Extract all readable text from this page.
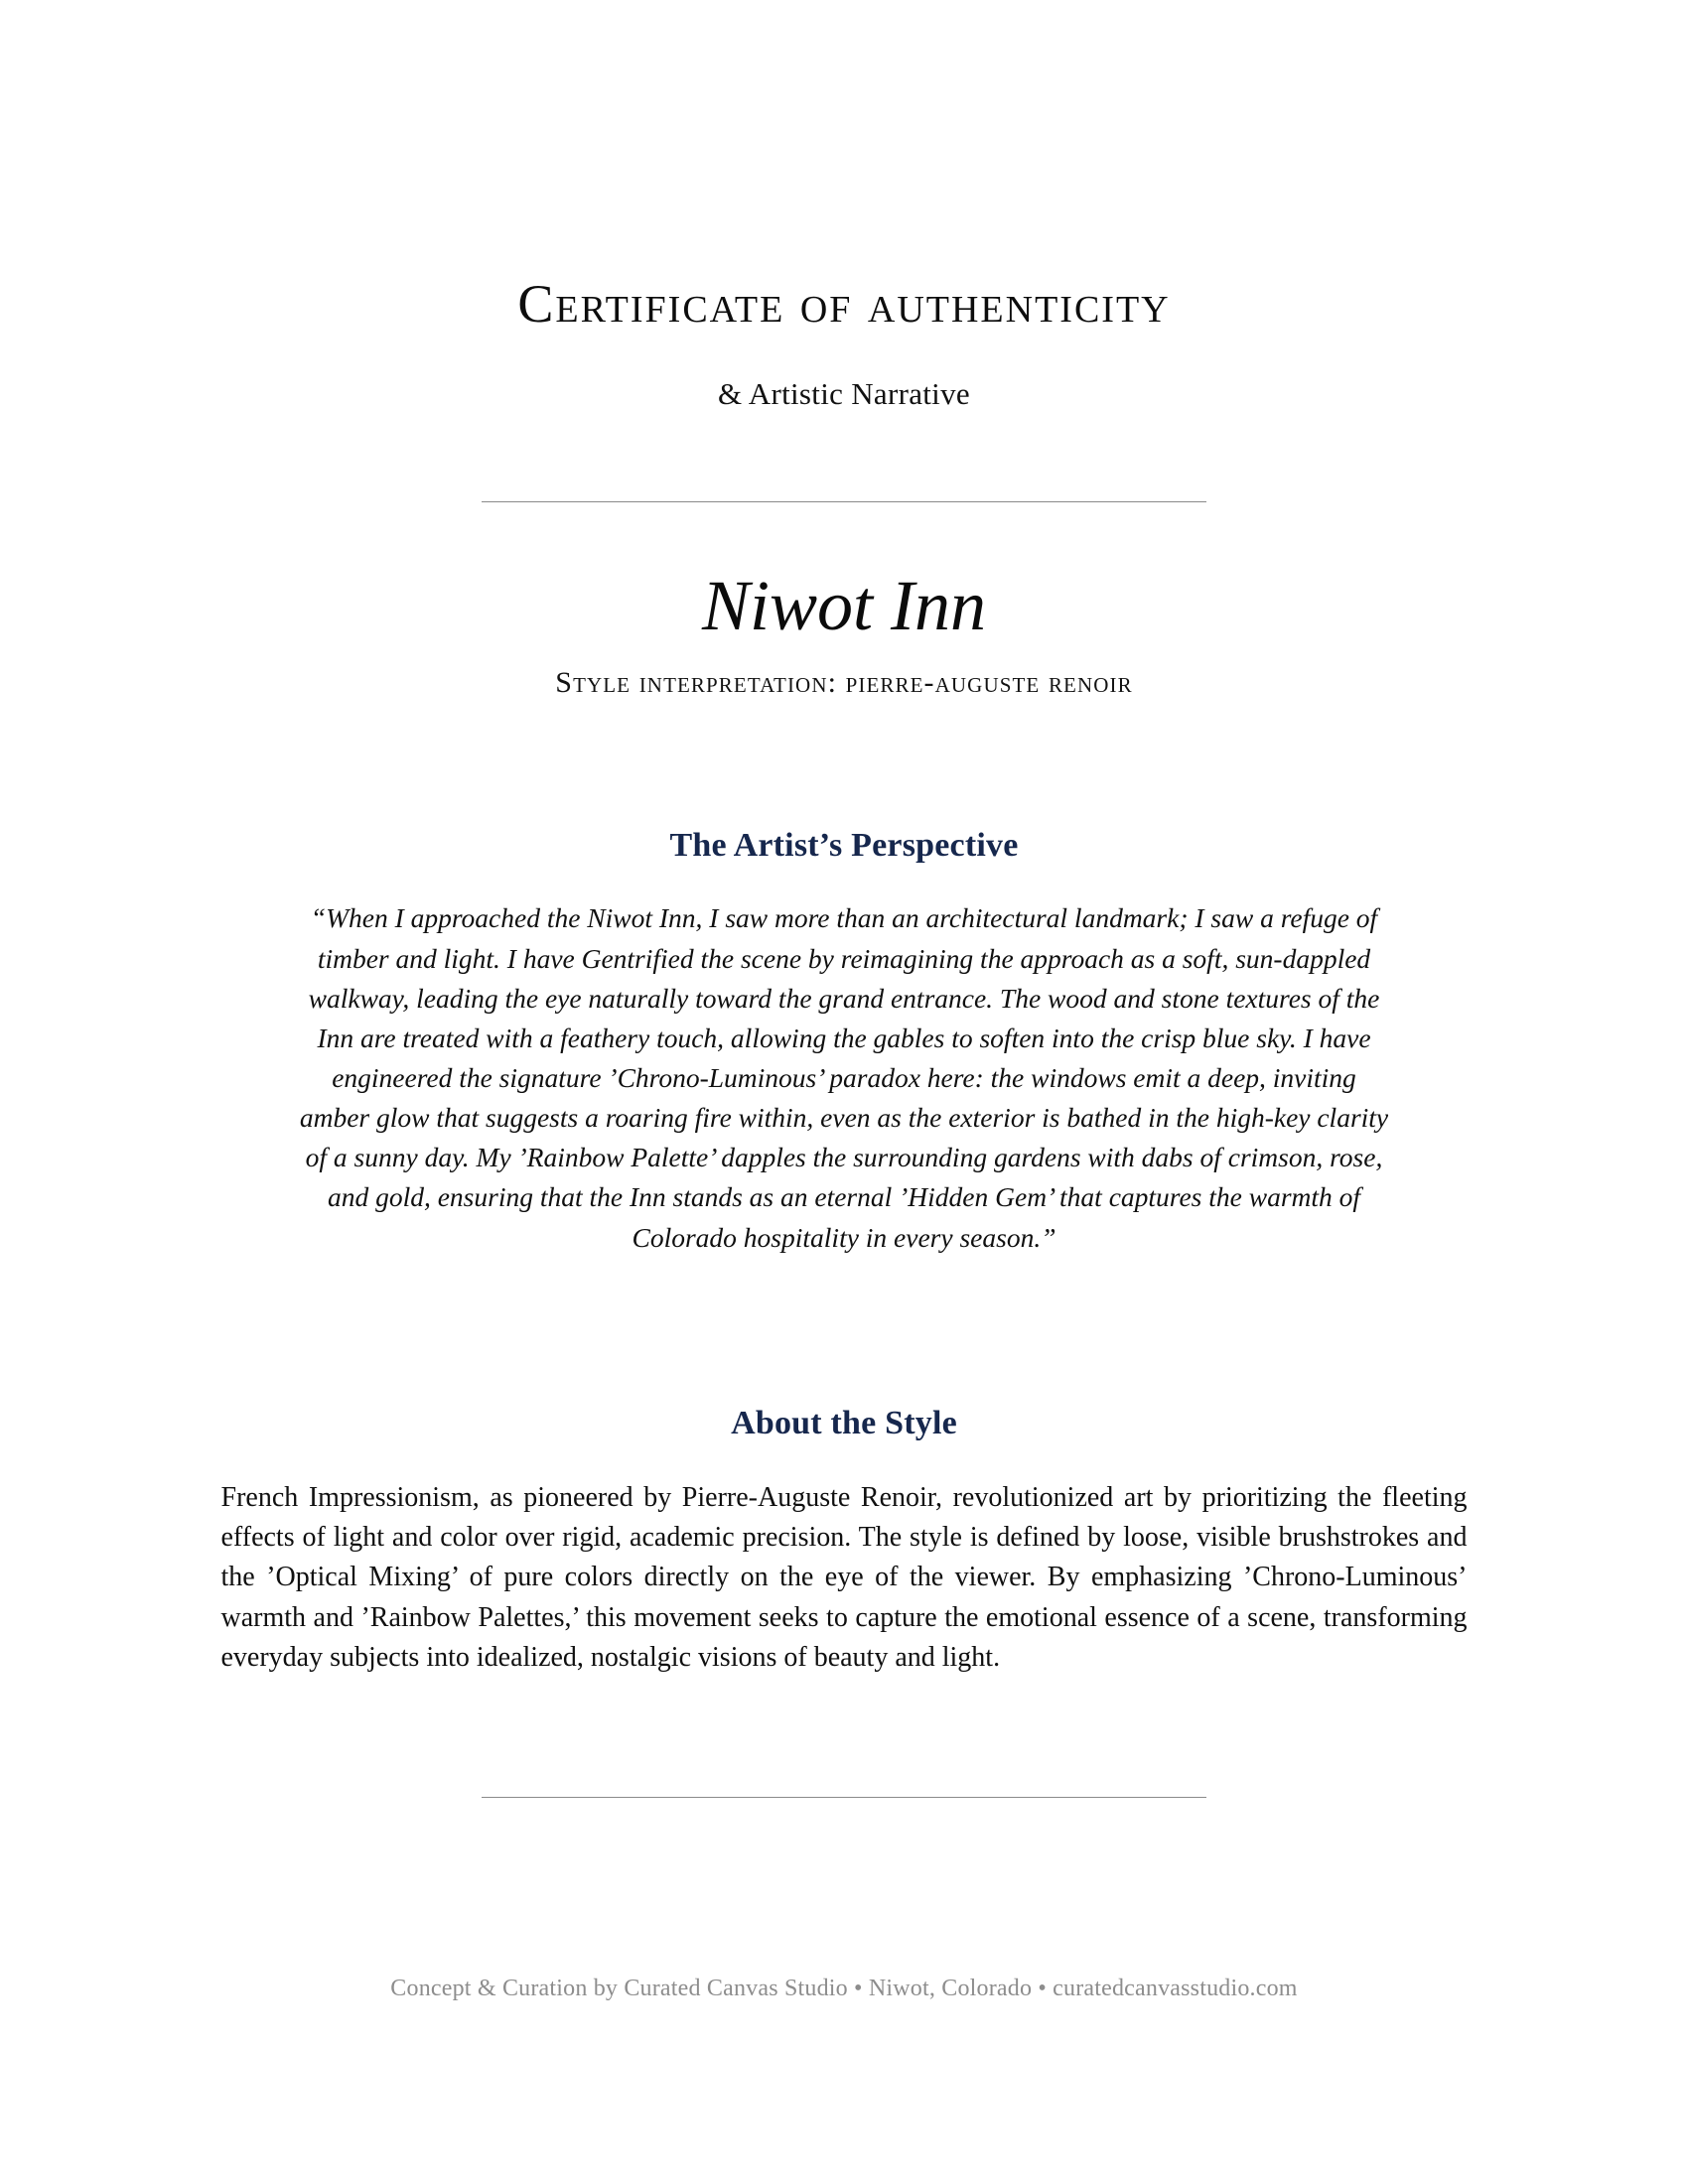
Certificate of authenticity
& Artistic Narrative
Niwot Inn
Style interpretation: pierre-auguste renoir
The Artist’s Perspective
“When I approached the Niwot Inn, I saw more than an architectural landmark; I saw a refuge of timber and light. I have Gentrified the scene by reimagining the approach as a soft, sun-dappled walkway, leading the eye naturally toward the grand entrance. The wood and stone textures of the Inn are treated with a feathery touch, allowing the gables to soften into the crisp blue sky. I have engineered the signature ’Chrono-Luminous’ paradox here: the windows emit a deep, inviting amber glow that suggests a roaring fire within, even as the exterior is bathed in the high-key clarity of a sunny day. My ’Rainbow Palette’ dapples the surrounding gardens with dabs of crimson, rose, and gold, ensuring that the Inn stands as an eternal ’Hidden Gem’ that captures the warmth of Colorado hospitality in every season.”
About the Style
French Impressionism, as pioneered by Pierre-Auguste Renoir, revolutionized art by prioritizing the fleeting effects of light and color over rigid, academic precision. The style is defined by loose, visible brushstrokes and the ’Optical Mixing’ of pure colors directly on the eye of the viewer. By emphasizing ’Chrono-Luminous’ warmth and ’Rainbow Palettes,’ this movement seeks to capture the emotional essence of a scene, transforming everyday subjects into idealized, nostalgic visions of beauty and light.
Concept & Curation by Curated Canvas Studio • Niwot, Colorado • curatedcanvasstudio.com
